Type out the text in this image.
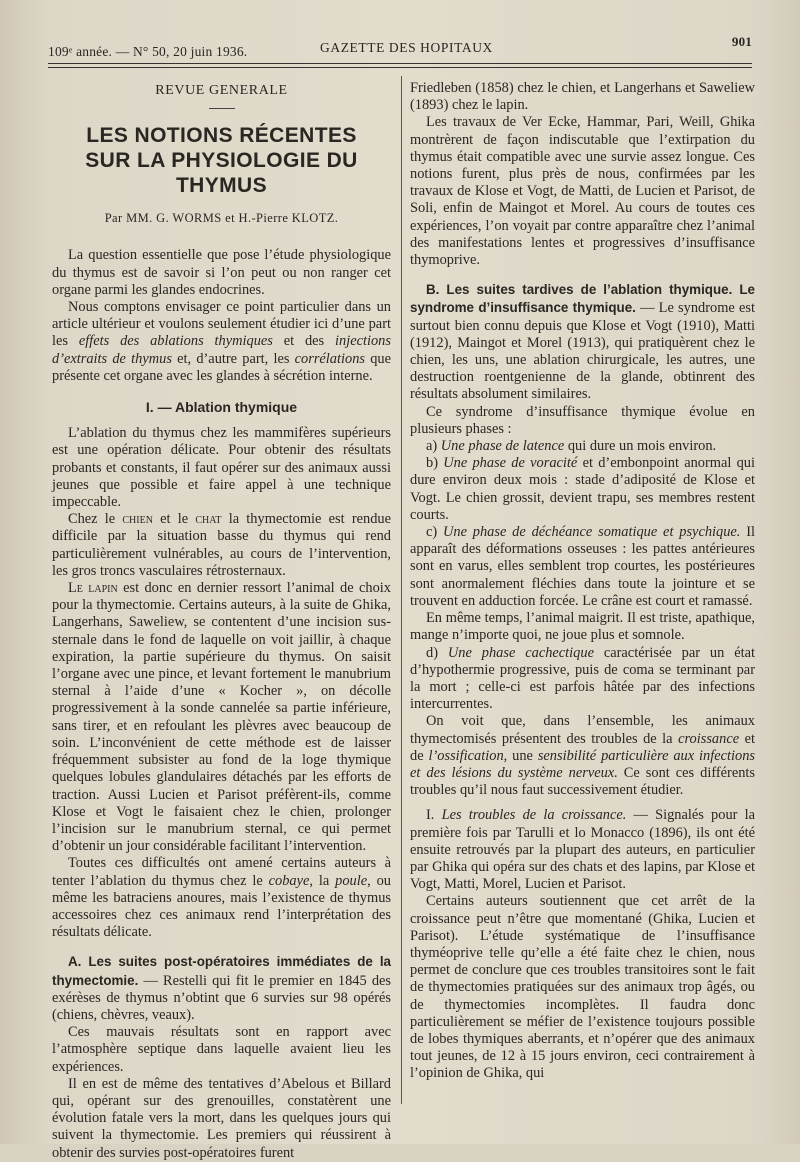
109ᵉ année. — N° 50, 20 juin 1936.	GAZETTE DES HOPITAUX	901
REVUE GENERALE
LES NOTIONS RÉCENTES
SUR LA PHYSIOLOGIE DU THYMUS
Par MM. G. WORMS et H.-Pierre KLOTZ.

La question essentielle que pose l’étude physiologique du thymus est de savoir si l’on peut ou non ranger cet organe parmi les glandes endocrines.

Nous comptons envisager ce point particulier dans un article ultérieur et voulons seulement étudier ici d’une part les effets des ablations thymiques et des injections d’extraits de thymus et, d’autre part, les corrélations que présente cet organe avec les glandes à sécrétion interne.

I. — Ablation thymique

L’ablation du thymus chez les mammifères supérieurs est une opération délicate. Pour obtenir des résultats probants et constants, il faut opérer sur des animaux aussi jeunes que possible et faire appel à une technique impeccable.

Chez le chien et le chat la thymectomie est rendue difficile par la situation basse du thymus qui rend particulièrement vulnérables, au cours de l’intervention, les gros troncs vasculaires rétrosternaux.

Le lapin est donc en dernier ressort l’animal de choix pour la thymectomie. Certains auteurs, à la suite de Ghika, Langerhans, Saweliew, se contentent d’une incision sus-sternale dans le fond de laquelle on voit jaillir, à chaque expiration, la partie supérieure du thymus. On saisit l’organe avec une pince, et levant fortement le manubrium sternal à l’aide d’une « Kocher », on décolle progressivement à la sonde cannelée sa partie inférieure, sans tirer, et en refoulant les plèvres avec beaucoup de soin. L’inconvénient de cette méthode est de laisser fréquemment subsister au fond de la loge thymique quelques lobules glandulaires détachés par les efforts de traction. Aussi Lucien et Parisot préfèrent-ils, comme Klose et Vogt le faisaient chez le chien, prolonger l’incision sur le manubrium sternal, ce qui permet d’obtenir un jour considérable facilitant l’intervention.

Toutes ces difficultés ont amené certains auteurs à tenter l’ablation du thymus chez le cobaye, la poule, ou même les batraciens anoures, mais l’existence de thymus accessoires chez ces animaux rend l’interprétation des résultats délicate.

A. Les suites post-opératoires immédiates de la thymectomie. — Restelli qui fit le premier en 1845 des exérèses de thymus n’obtint que 6 survies sur 98 opérés (chiens, chèvres, veaux).

Ces mauvais résultats sont en rapport avec l’atmosphère septique dans laquelle avaient lieu les expériences.

Il en est de même des tentatives d’Abelous et Billard qui, opérant sur des grenouilles, constatèrent une évolution fatale vers la mort, dans les quelques jours qui suivent la thymectomie. Les premiers qui réussirent à obtenir des survies post-opératoires furent

Friedleben (1858) chez le chien, et Langerhans et Saweliew (1893) chez le lapin.

Les travaux de Ver Ecke, Hammar, Pari, Weill, Ghika montrèrent de façon indiscutable que l’extirpation du thymus était compatible avec une survie assez longue. Ces notions furent, plus près de nous, confirmées par les travaux de Klose et Vogt, de Matti, de Lucien et Parisot, de Soli, enfin de Maingot et Morel. Au cours de toutes ces expériences, l’on voyait par contre apparaître chez l’animal des manifestations lentes et progressives d’insuffisance thymoprive.

B. Les suites tardives de l’ablation thymique. Le syndrome d’insuffisance thymique. — Le syndrome est surtout bien connu depuis que Klose et Vogt (1910), Matti (1912), Maingot et Morel (1913), qui pratiquèrent chez le chien, les uns, une ablation chirurgicale, les autres, une destruction roentgenienne de la glande, obtinrent des résultats absolument similaires.

Ce syndrome d’insuffisance thymique évolue en plusieurs phases :

a) Une phase de latence qui dure un mois environ.

b) Une phase de voracité et d’embonpoint anormal qui dure environ deux mois : stade d’adiposité de Klose et Vogt. Le chien grossit, devient trapu, ses membres restent courts.

c) Une phase de déchéance somatique et psychique. Il apparaît des déformations osseuses : les pattes antérieures sont en varus, elles semblent trop courtes, les postérieures sont anormalement fléchies dans toute la jointure et se trouvent en adduction forcée. Le crâne est court et ramassé.

En même temps, l’animal maigrit. Il est triste, apathique, mange n’importe quoi, ne joue plus et somnole.

d) Une phase cachectique caractérisée par un état d’hypothermie progressive, puis de coma se terminant par la mort ; celle-ci est parfois hâtée par des infections intercurrentes.

On voit que, dans l’ensemble, les animaux thymectomisés présentent des troubles de la croissance et de l’ossification, une sensibilité particulière aux infections et des lésions du système nerveux. Ce sont ces différents troubles qu’il nous faut successivement étudier.

I. Les troubles de la croissance. — Signalés pour la première fois par Tarulli et lo Monacco (1896), ils ont été ensuite retrouvés par la plupart des auteurs, en particulier par Ghika qui opéra sur des chats et des lapins, par Klose et Vogt, Matti, Morel, Lucien et Parisot.

Certains auteurs soutiennent que cet arrêt de la croissance peut n’être que momentané (Ghika, Lucien et Parisot). L’étude systématique de l’insuffisance thyméoprive telle qu’elle a été faite chez le chien, nous permet de conclure que ces troubles transitoires sont le fait de thymectomies pratiquées sur des animaux trop âgés, ou de thymectomies incomplètes. Il faudra donc particulièrement se méfier de l’existence toujours possible de lobes thymiques aberrants, et n’opérer que des animaux tout jeunes, de 12 à 15 jours environ, ceci contrairement à l’opinion de Ghika, qui
